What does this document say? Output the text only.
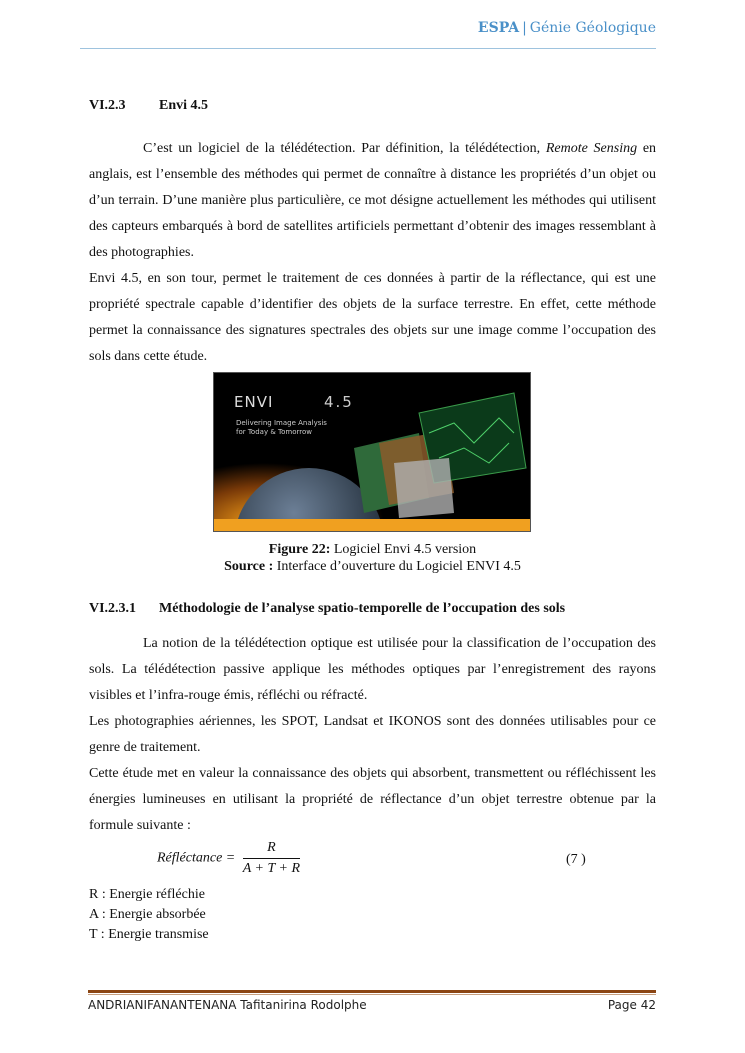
ESPA | Génie Géologique
VI.2.3 Envi 4.5

C’est un logiciel de la télédétection. Par définition, la télédétection, Remote Sensing en anglais, est l’ensemble des méthodes qui permet de connaître à distance les propriétés d’un objet ou d’un terrain. D’une manière plus particulière, ce mot désigne actuellement les méthodes qui utilisent des capteurs embarqués à bord de satellites artificiels permettant d’obtenir des images ressemblant à des photographies.

Envi 4.5, en son tour, permet le traitement de ces données à partir de la réflectance, qui est une propriété spectrale capable d’identifier des objets de la surface terrestre. En effet, cette méthode permet la connaissance des signatures spectrales des objets sur une image comme l’occupation des sols dans cette étude.

ENVI	4.5
Delivering Image Analysis
for Today & Tomorrow
Figure 22: Logiciel Envi 4.5 version
Source : Interface d’ouverture du Logiciel ENVI 4.5
VI.2.3.1 Méthodologie de l’analyse spatio-temporelle de l’occupation des sols

La notion de la télédétection optique est utilisée pour la classification de l’occupation des sols. La télédétection passive applique les méthodes optiques par l’enregistrement des rayons visibles et l’infra-rouge émis, réfléchi ou réfracté.

Les photographies aériennes, les SPOT, Landsat et IKONOS sont des données utilisables pour ce genre de traitement.

Cette étude met en valeur la connaissance des objets qui absorbent, transmettent ou réfléchissent les énergies lumineuses en utilisant la propriété de réflectance d’un objet terrestre obtenue par la formule suivante :

Réfléctance = $\frac{R}{A + T + R}$	(7 )
R : Energie réfléchie
A : Energie absorbée
T : Energie transmise
ANDRIANIFANANTENANA Tafitanirina Rodolphe	Page 42
